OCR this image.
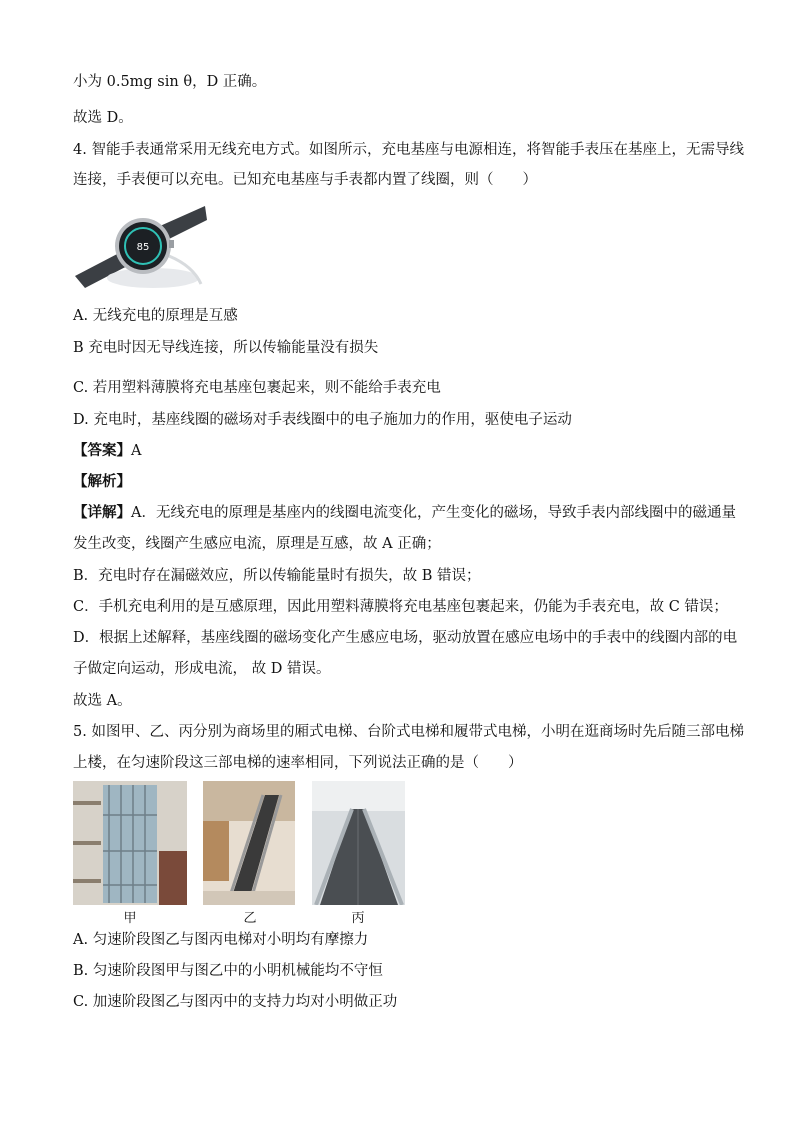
小为 0.5mg sin θ，D 正确。
故选 D。
4. 智能手表通常采用无线充电方式。如图所示，充电基座与电源相连，将智能手表压在基座上，无需导线
连接，手表便可以充电。已知充电基座与手表都内置了线圈，则（　　）
85
A. 无线充电的原理是互感
B 充电时因无导线连接，所以传输能量没有损失
C. 若用塑料薄膜将充电基座包裹起来，则不能给手表充电
D. 充电时，基座线圈的磁场对手表线圈中的电子施加力的作用，驱使电子运动
【答案】A
【解析】
【详解】A．无线充电的原理是基座内的线圈电流变化，产生变化的磁场，导致手表内部线圈中的磁通量
发生改变，线圈产生感应电流，原理是互感，故 A 正确；
B．充电时存在漏磁效应，所以传输能量时有损失，故 B 错误；
C．手机充电利用的是互感原理，因此用塑料薄膜将充电基座包裹起来，仍能为手表充电，故 C 错误；
D．根据上述解释，基座线圈的磁场变化产生感应电场，驱动放置在感应电场中的手表中的线圈内部的电
子做定向运动，形成电流， 故 D 错误。
故选 A。
5. 如图甲、乙、丙分别为商场里的厢式电梯、台阶式电梯和履带式电梯，小明在逛商场时先后随三部电梯
上楼，在匀速阶段这三部电梯的速率相同，下列说法正确的是（　　）
甲	乙	丙
A. 匀速阶段图乙与图丙电梯对小明均有摩擦力
B. 匀速阶段图甲与图乙中的小明机械能均不守恒
C. 加速阶段图乙与图丙中的支持力均对小明做正功
